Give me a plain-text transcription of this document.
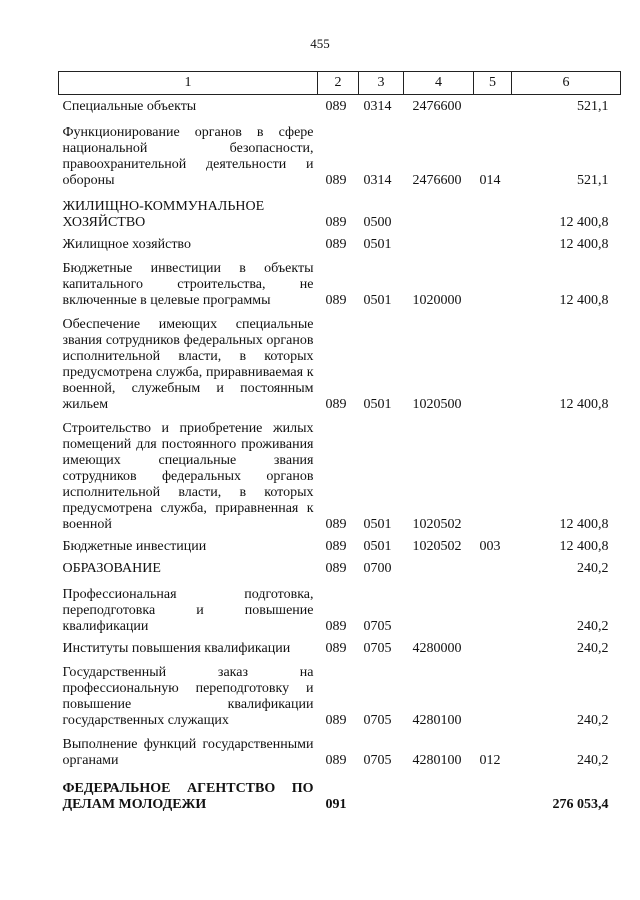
455
1	2	3	4	5	6
Специальные объекты	089	0314	2476600		521,1
Функционирование органов в сфере национальной безопасности, правоохранительной деятельности и обороны	089	0314	2476600	014	521,1
ЖИЛИЩНО-КОММУНАЛЬНОЕ ХОЗЯЙСТВО	089	0500			12 400,8
Жилищное хозяйство	089	0501			12 400,8
Бюджетные инвестиции в объекты капитального строительства, не включенные в целевые программы	089	0501	1020000		12 400,8
Обеспечение имеющих специальные звания сотрудников федеральных органов исполнительной власти, в которых предусмотрена служба, приравниваемая к военной, служебным и постоянным жильем	089	0501	1020500		12 400,8
Строительство и приобретение жилых помещений для постоянного проживания имеющих специальные звания сотрудников федеральных органов исполнительной власти, в которых предусмотрена служба, приравненная к военной	089	0501	1020502		12 400,8
Бюджетные инвестиции	089	0501	1020502	003	12 400,8
ОБРАЗОВАНИЕ	089	0700			240,2
Профессиональная подготовка, переподготовка и повышение квалификации	089	0705			240,2
Институты повышения квалификации	089	0705	4280000		240,2
Государственный заказ на профессиональную переподготовку и повышение квалификации государственных служащих	089	0705	4280100		240,2
Выполнение функций государственными органами	089	0705	4280100	012	240,2
ФЕДЕРАЛЬНОЕ АГЕНТСТВО ПО ДЕЛАМ МОЛОДЕЖИ	091				276 053,4
